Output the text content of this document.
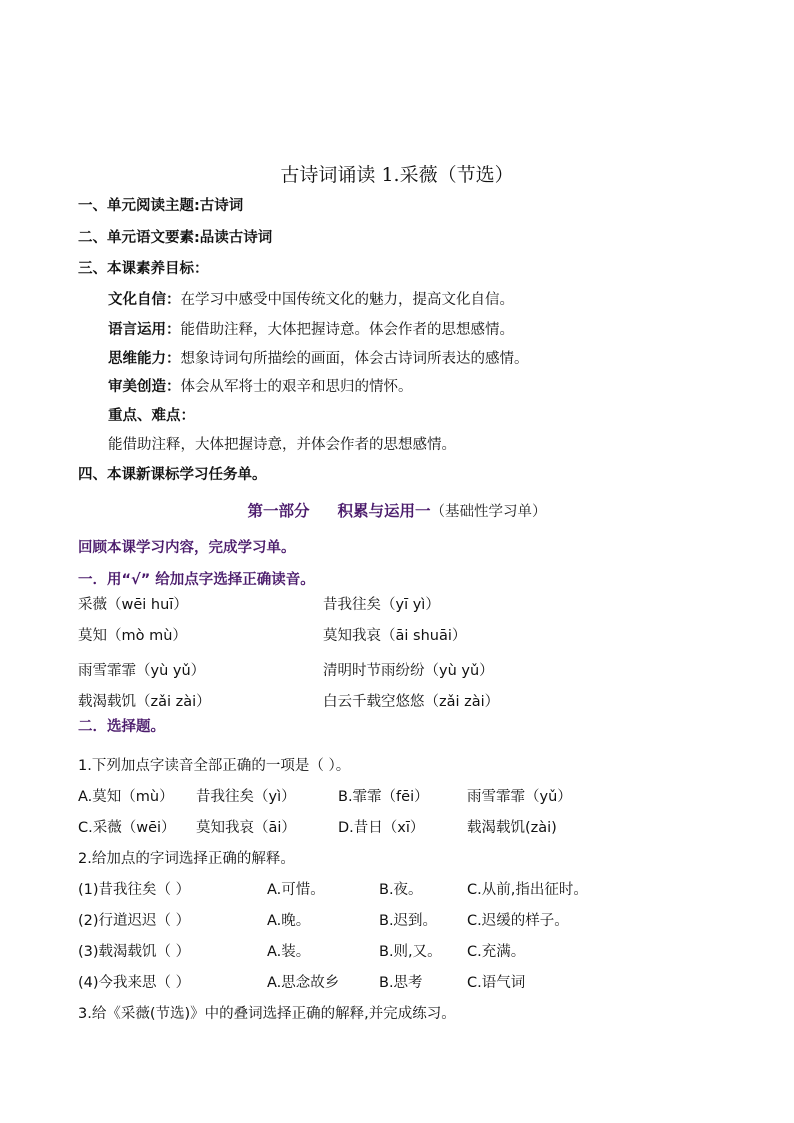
古诗词诵读 1.采薇（节选）
一、单元阅读主题:古诗词
二、单元语文要素:品读古诗词
三、本课素养目标：
文化自信：在学习中感受中国传统文化的魅力，提高文化自信。
语言运用：能借助注释，大体把握诗意。体会作者的思想感情。
思维能力：想象诗词句所描绘的画面，体会古诗词所表达的感情。
审美创造：体会从军将士的艰辛和思归的情怀。
重点、难点：
能借助注释，大体把握诗意，并体会作者的思想感情。
四、本课新课标学习任务单。
第一部分 积累与运用一（基础性学习单）
回顾本课学习内容，完成学习单。
一．用“√” 给加点字选择正确读音。
采薇（wēi huī）	昔我往矣（yī yì）
莫知（mò mù）	莫知我哀（āi shuāi）
雨雪霏霏（yù yǔ）	清明时节雨纷纷（yù yǔ）
载渴载饥（zǎi zài）	白云千载空悠悠（zǎi zài）
二．选择题。
1.下列加点字读音全部正确的一项是（ ）。
A.莫知（mù） 昔我往矣（yì）	B.霏霏（fēi）	雨雪霏霏（yǔ）
C.采薇（wēi） 莫知我哀（āi）	D.昔日（xī）	载渴载饥(zài)
2.给加点的字词选择正确的解释。
(1)昔我往矣（ ）	A.可惜。	B.夜。	C.从前,指出征时。
(2)行道迟迟（ ）	A.晚。	B.迟到。 C.迟缓的样子。
(3)载渴载饥（ ）	A.装。	B.则,又。 C.充满。
(4)今我来思（ ）	A.思念故乡	B.思考	C.语气词
3.给《采薇(节选)》中的叠词选择正确的解释,并完成练习。
